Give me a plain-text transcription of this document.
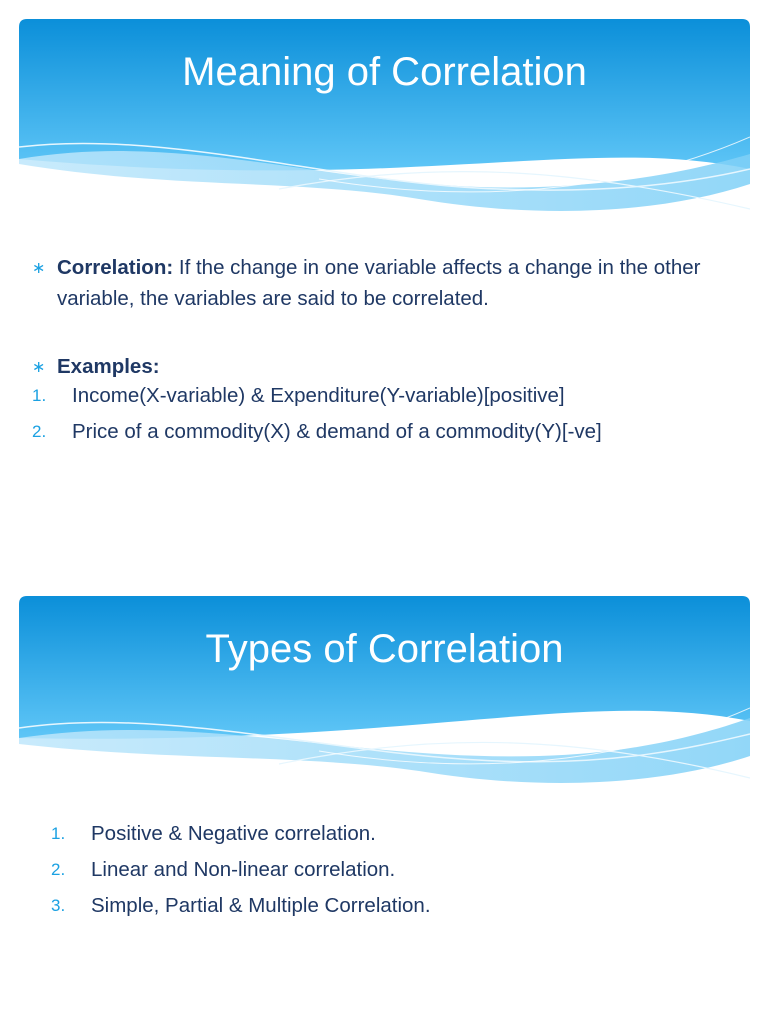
Meaning of Correlation
∗ Correlation: If the change in one variable affects a change in the other variable, the variables are said to be correlated.
∗ Examples:
1. Income(X-variable) & Expenditure(Y-variable)[positive]
2. Price of a commodity(X) & demand of a commodity(Y)[-ve]
Types of Correlation
1. Positive & Negative correlation.
2. Linear and Non-linear correlation.
3. Simple, Partial & Multiple Correlation.
